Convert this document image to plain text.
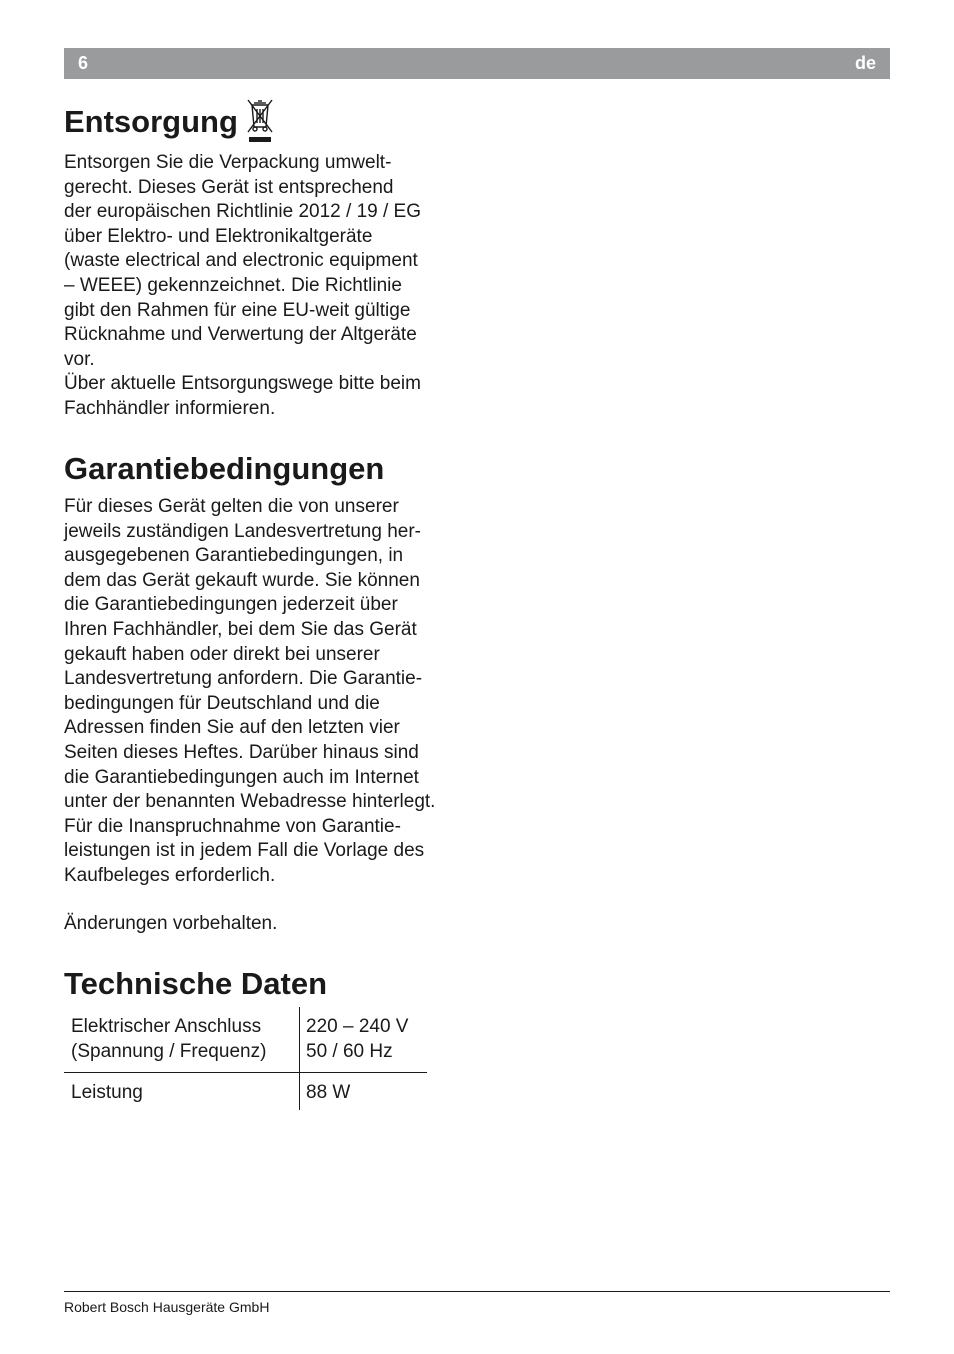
6	de
Entsorgung
Entsorgen Sie die Verpackung umwelt-
gerecht. Dieses Gerät ist entsprechend
der europäischen Richtlinie 2012 / 19 / EG
über Elektro- und Elektronikaltgeräte
(waste electrical and electronic equipment
– WEEE) gekennzeichnet. Die Richtlinie
gibt den Rahmen für eine EU-weit gültige
Rücknahme und Verwertung der Altgeräte
vor.
Über aktuelle Entsorgungswege bitte beim
Fachhändler informieren.
Garantiebedingungen
Für dieses Gerät gelten die von unserer
jeweils zuständigen Landesvertretung her-
ausgegebenen Garantiebedingungen, in
dem das Gerät gekauft wurde. Sie können
die Garantiebedingungen jederzeit über
Ihren Fachhändler, bei dem Sie das Gerät
gekauft haben oder direkt bei unserer
Landesvertretung anfordern. Die Garantie-
bedingungen für Deutschland und die
Adressen finden Sie auf den letzten vier
Seiten dieses Heftes. Darüber hinaus sind
die Garantiebedingungen auch im Internet
unter der benannten Webadresse hinterlegt.
Für die Inanspruchnahme von Garantie-
leistungen ist in jedem Fall die Vorlage des
Kaufbeleges erforderlich.
Änderungen vorbehalten.
Technische Daten
Elektrischer Anschluss
(Spannung / Frequenz)	220 – 240 V
50 / 60 Hz

Leistung	88 W
Robert Bosch Hausgeräte GmbH
